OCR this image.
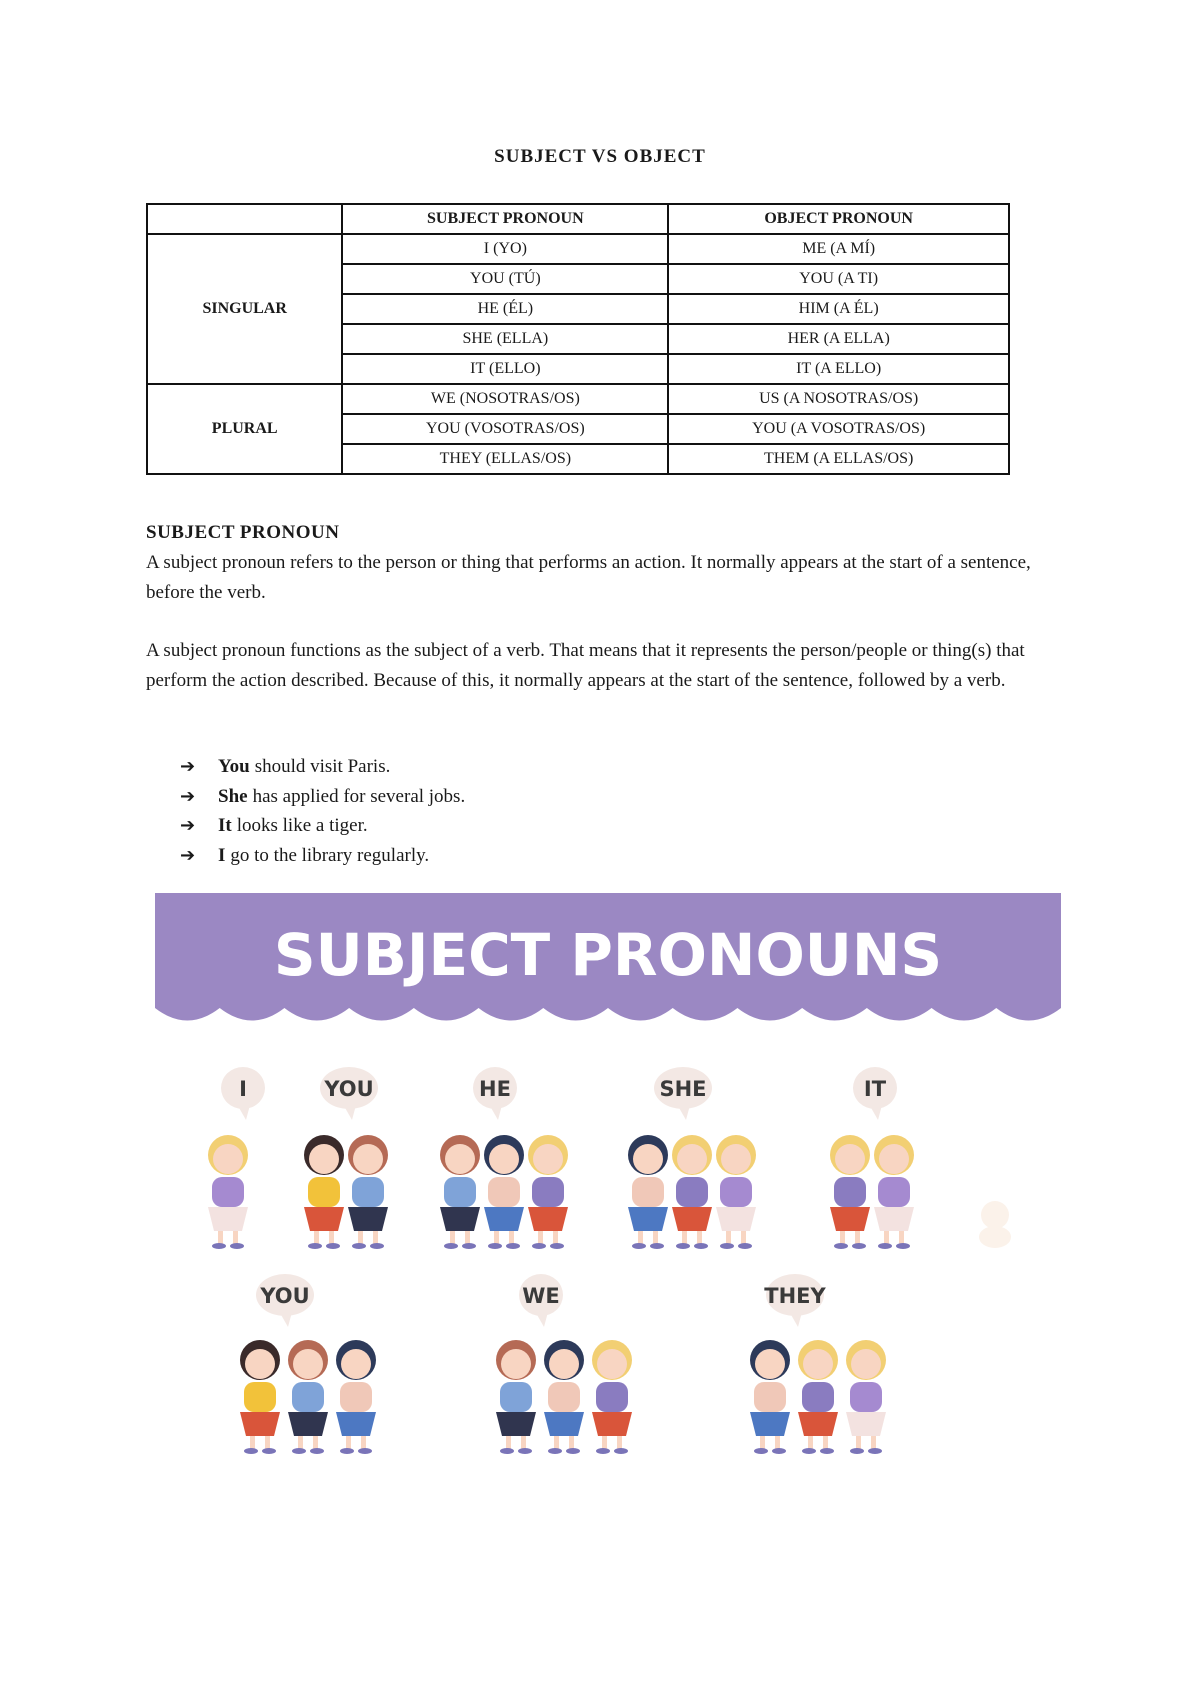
SUBJECT VS OBJECT
	SUBJECT PRONOUN	OBJECT PRONOUN
SINGULAR	I (YO)	ME (A MÍ)
	YOU (TÚ)	YOU (A TI)
	HE (ÉL)	HIM (A ÉL)
	SHE (ELLA)	HER (A ELLA)
	IT (ELLO)	IT (A ELLO)
PLURAL	WE (NOSOTRAS/OS)	US (A NOSOTRAS/OS)
	YOU (VOSOTRAS/OS)	YOU (A VOSOTRAS/OS)
	THEY (ELLAS/OS)	THEM (A ELLAS/OS)
SUBJECT PRONOUN
A subject pronoun refers to the person or thing that performs an action. It normally appears at the start of a sentence, before the verb.
A subject pronoun functions as the subject of a verb. That means that it represents the person/people or thing(s) that perform the action described. Because of this, it normally appears at the start of the sentence, followed by a verb.
➔	You should visit Paris.
➔	She has applied for several jobs.
➔	It looks like a tiger.
➔	I go to the library regularly.
SUBJECT PRONOUNS
I	YOU	HE	SHE	IT
YOU	WE	THEY
